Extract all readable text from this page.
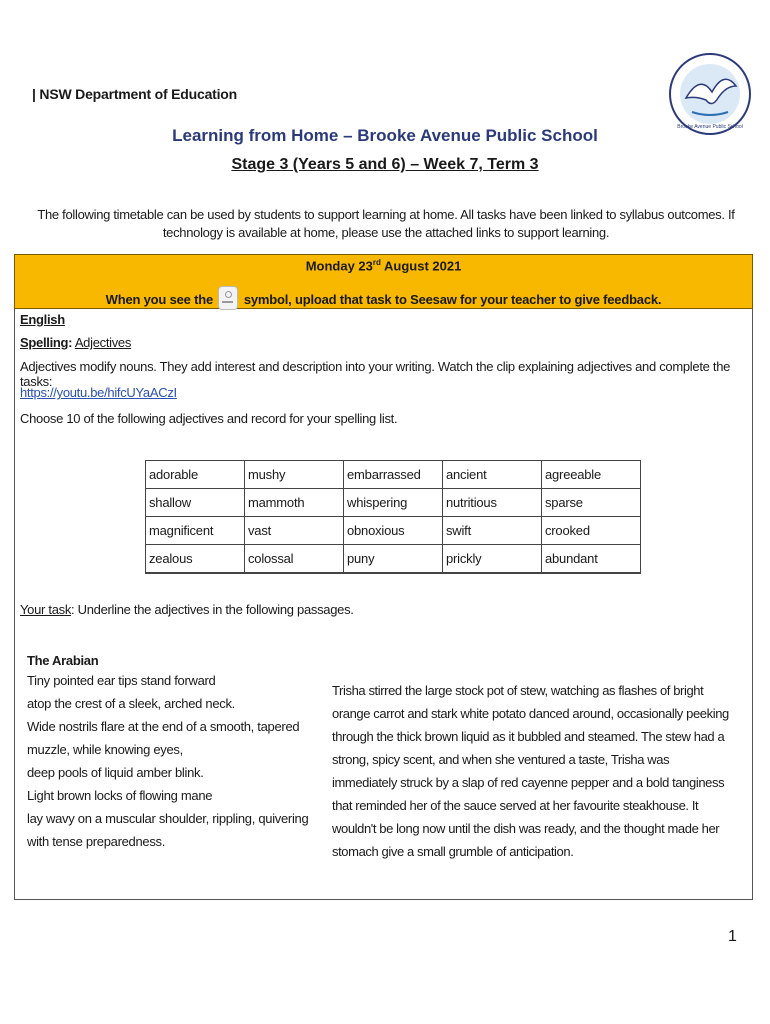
| NSW Department of Education
Brooke Avenue Public School
Learning from Home – Brooke Avenue Public School
Stage 3 (Years 5 and 6) – Week 7, Term 3
The following timetable can be used by students to support learning at home. All tasks have been linked to syllabus outcomes. If technology is available at home, please use the attached links to support learning.
Monday 23rd August 2021
When you see the symbol, upload that task to Seesaw for your teacher to give feedback.
English
Spelling: Adjectives
Adjectives modify nouns. They add interest and description into your writing. Watch the clip explaining adjectives and complete the tasks:
https://youtu.be/hifcUYaACzI
Choose 10 of the following adjectives and record for your spelling list.
adorable	mushy	embarrassed	ancient	agreeable
shallow	mammoth	whispering	nutritious	sparse
magnificent	vast	obnoxious	swift	crooked
zealous	colossal	puny	prickly	abundant
Your task: Underline the adjectives in the following passages.
The Arabian
Tiny pointed ear tips stand forward
atop the crest of a sleek, arched neck.
Wide nostrils flare at the end of a smooth, tapered
muzzle, while knowing eyes,
deep pools of liquid amber blink.
Light brown locks of flowing mane
lay wavy on a muscular shoulder, rippling, quivering
with tense preparedness.
Trisha stirred the large stock pot of stew, watching as flashes of bright orange carrot and stark white potato danced around, occasionally peeking through the thick brown liquid as it bubbled and steamed. The stew had a strong, spicy scent, and when she ventured a taste, Trisha was immediately struck by a slap of red cayenne pepper and a bold tanginess that reminded her of the sauce served at her favourite steakhouse. It wouldn't be long now until the dish was ready, and the thought made her stomach give a small grumble of anticipation.
1
